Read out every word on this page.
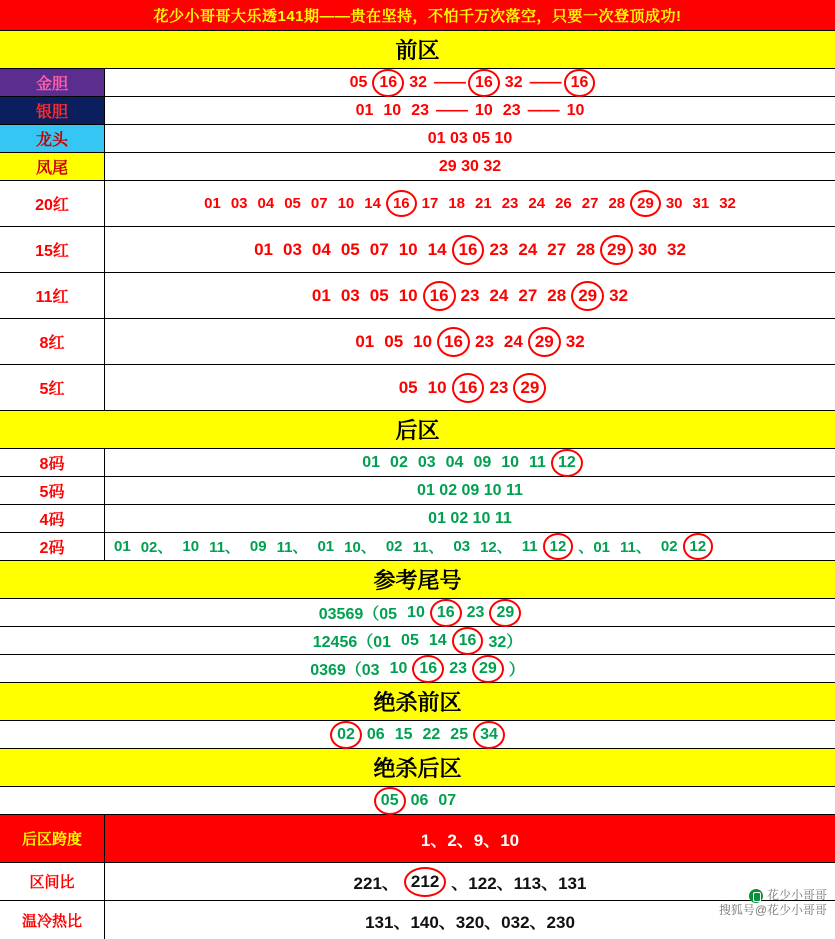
花少小哥哥大乐透141期——贵在坚持，不怕千万次落空，只要一次登顶成功!
前区
金胆	05 16 32 —— 16 32 —— 16
银胆	01 10 23 —— 10 23 —— 10
龙头	01 03 05 10
凤尾	29 30 32
20红	01 03 04 05 07 10 14 16 17 18 21 23 24 26 27 28 29 30 31 32
15红	01 03 04 05 07 10 14 16 23 24 27 28 29 30 32
11红	01 03 05 10 16 23 24 27 28 29 32
8红	01 05 10 16 23 24 29 32
5红	05 10 16 23 29
后区
8码	01 02 03 04 09 10 11 12
5码	01 02 09 10 11
4码	01 02 10 11
2码	01 02、 10 11、 09 11、 01 10、 02 11、 03 12、 11 12 、01 11、 02 12
参考尾号
03569（05 10 16 23 29
12456（01 05 14 16 32）
0369（03 10 16 23 29 ）
绝杀前区
02 06 15 22 25 34
绝杀后区
05 06 07
后区跨度	1、2、9、10
区间比	221、 212 、122、113、131
温冷热比	131、140、320、032、230
花少小哥哥
搜狐号@花少小哥哥
